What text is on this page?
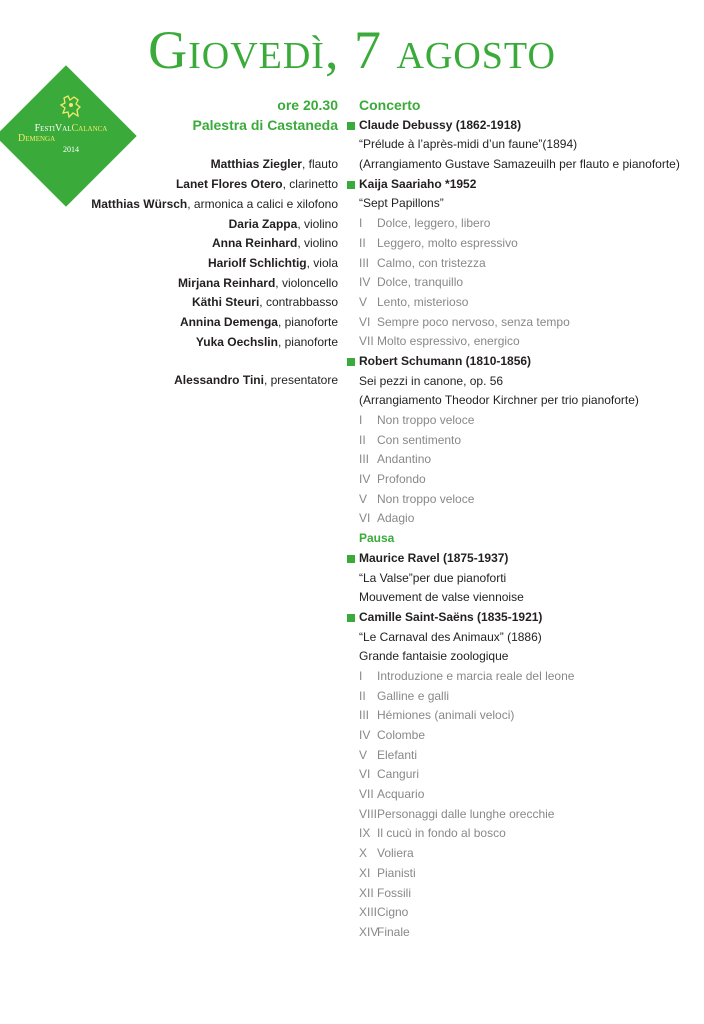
Giovedì, 7 agosto
FestiValCalanca
Demenga
2014
ore 20.30
Palestra di Castaneda
Matthias Ziegler, flauto
Lanet Flores Otero, clarinetto
Matthias Würsch, armonica a calici e xilofono
Daria Zappa, violino
Anna Reinhard, violino
Hariolf Schlichtig, viola
Mirjana Reinhard, violoncello
Käthi Steuri, contrabbasso
Annina Demenga, pianoforte
Yuka Oechslin, pianoforte
Alessandro Tini, presentatore
Concerto
Claude Debussy (1862-1918)
“Prélude à l’après-midi d’un faune”(1894)
(Arrangiamento Gustave Samazeuilh per flauto e pianoforte)
Kaija Saariaho *1952
“Sept Papillons”
I Dolce, leggero, libero
II Leggero, molto espressivo
III Calmo, con tristezza
IV Dolce, tranquillo
V Lento, misterioso
VI Sempre poco nervoso, senza tempo
VII Molto espressivo, energico
Robert Schumann (1810-1856)
Sei pezzi in canone, op. 56
(Arrangiamento Theodor Kirchner per trio pianoforte)
I Non troppo veloce
II Con sentimento
III Andantino
IV Profondo
V Non troppo veloce
VI Adagio
Pausa
Maurice Ravel (1875-1937)
“La Valse”per due pianoforti
Mouvement de valse viennoise
Camille Saint-Saëns (1835-1921)
“Le Carnaval des Animaux” (1886)
Grande fantaisie zoologique
I Introduzione e marcia reale del leone
II Galline e galli
III Hémiones (animali veloci)
IV Colombe
V Elefanti
VI Canguri
VII Acquario
VIIIPersonaggi dalle lunghe orecchie
IX Il cucù in fondo al bosco
X Voliera
XI Pianisti
XII Fossili
XIIICigno
XIVFinale
